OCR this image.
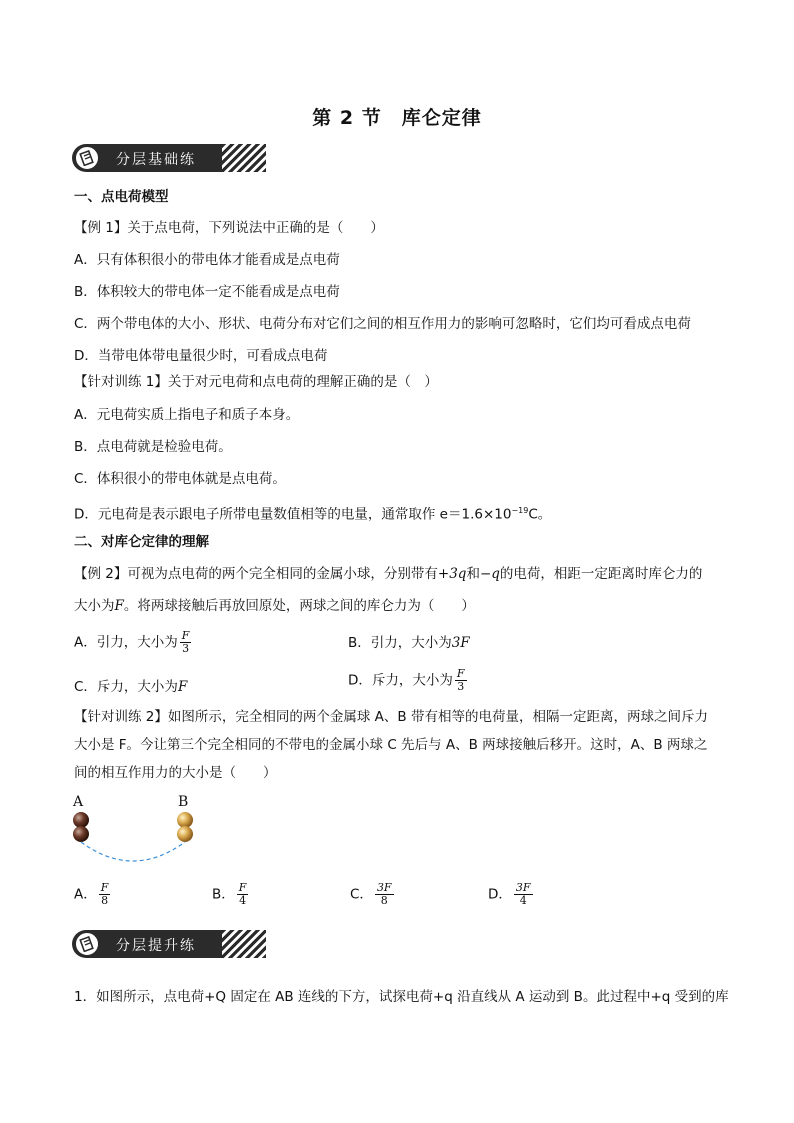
第 2 节 库仑定律
分层基础练
一、点电荷模型
【例 1】关于点电荷，下列说法中正确的是（　　）
A．只有体积很小的带电体才能看成是点电荷
B．体积较大的带电体一定不能看成是点电荷
C．两个带电体的大小、形状、电荷分布对它们之间的相互作用力的影响可忽略时，它们均可看成点电荷
D．当带电体带电量很少时，可看成点电荷
【针对训练 1】关于对元电荷和点电荷的理解正确的是（　）
A．元电荷实质上指电子和质子本身。
B．点电荷就是检验电荷。
C．体积很小的带电体就是点电荷。
D．元电荷是表示跟电子所带电量数值相等的电量，通常取作 $e=1.6\times 10^{-19}C$。
二、对库仑定律的理解
【例 2】可视为点电荷的两个完全相同的金属小球，分别带有+3q和−q的电荷，相距一定距离时库仑力的
大小为F。将两球接触后再放回原处，两球之间的库仑力为（　　）
A．引力，大小为 $\frac{F}{3}$	B．引力，大小为3F
C．斥力，大小为F	D．斥力，大小为 $\frac{F}{3}$
【针对训练 2】如图所示，完全相同的两个金属球 A、B 带有相等的电荷量，相隔一定距离，两球之间斥力
大小是 F。今让第三个完全相同的不带电的金属小球 C 先后与 A、B 两球接触后移开。这时，A、B 两球之
间的相互作用力的大小是（　　）
A	B
A． $\frac{F}{8}$	B． $\frac{F}{4}$	C． $\frac{3F}{8}$	D． $\frac{3F}{4}$
分层提升练
1．如图所示，点电荷+Q 固定在 AB 连线的下方，试探电荷+q 沿直线从 A 运动到 B。此过程中+q 受到的库
